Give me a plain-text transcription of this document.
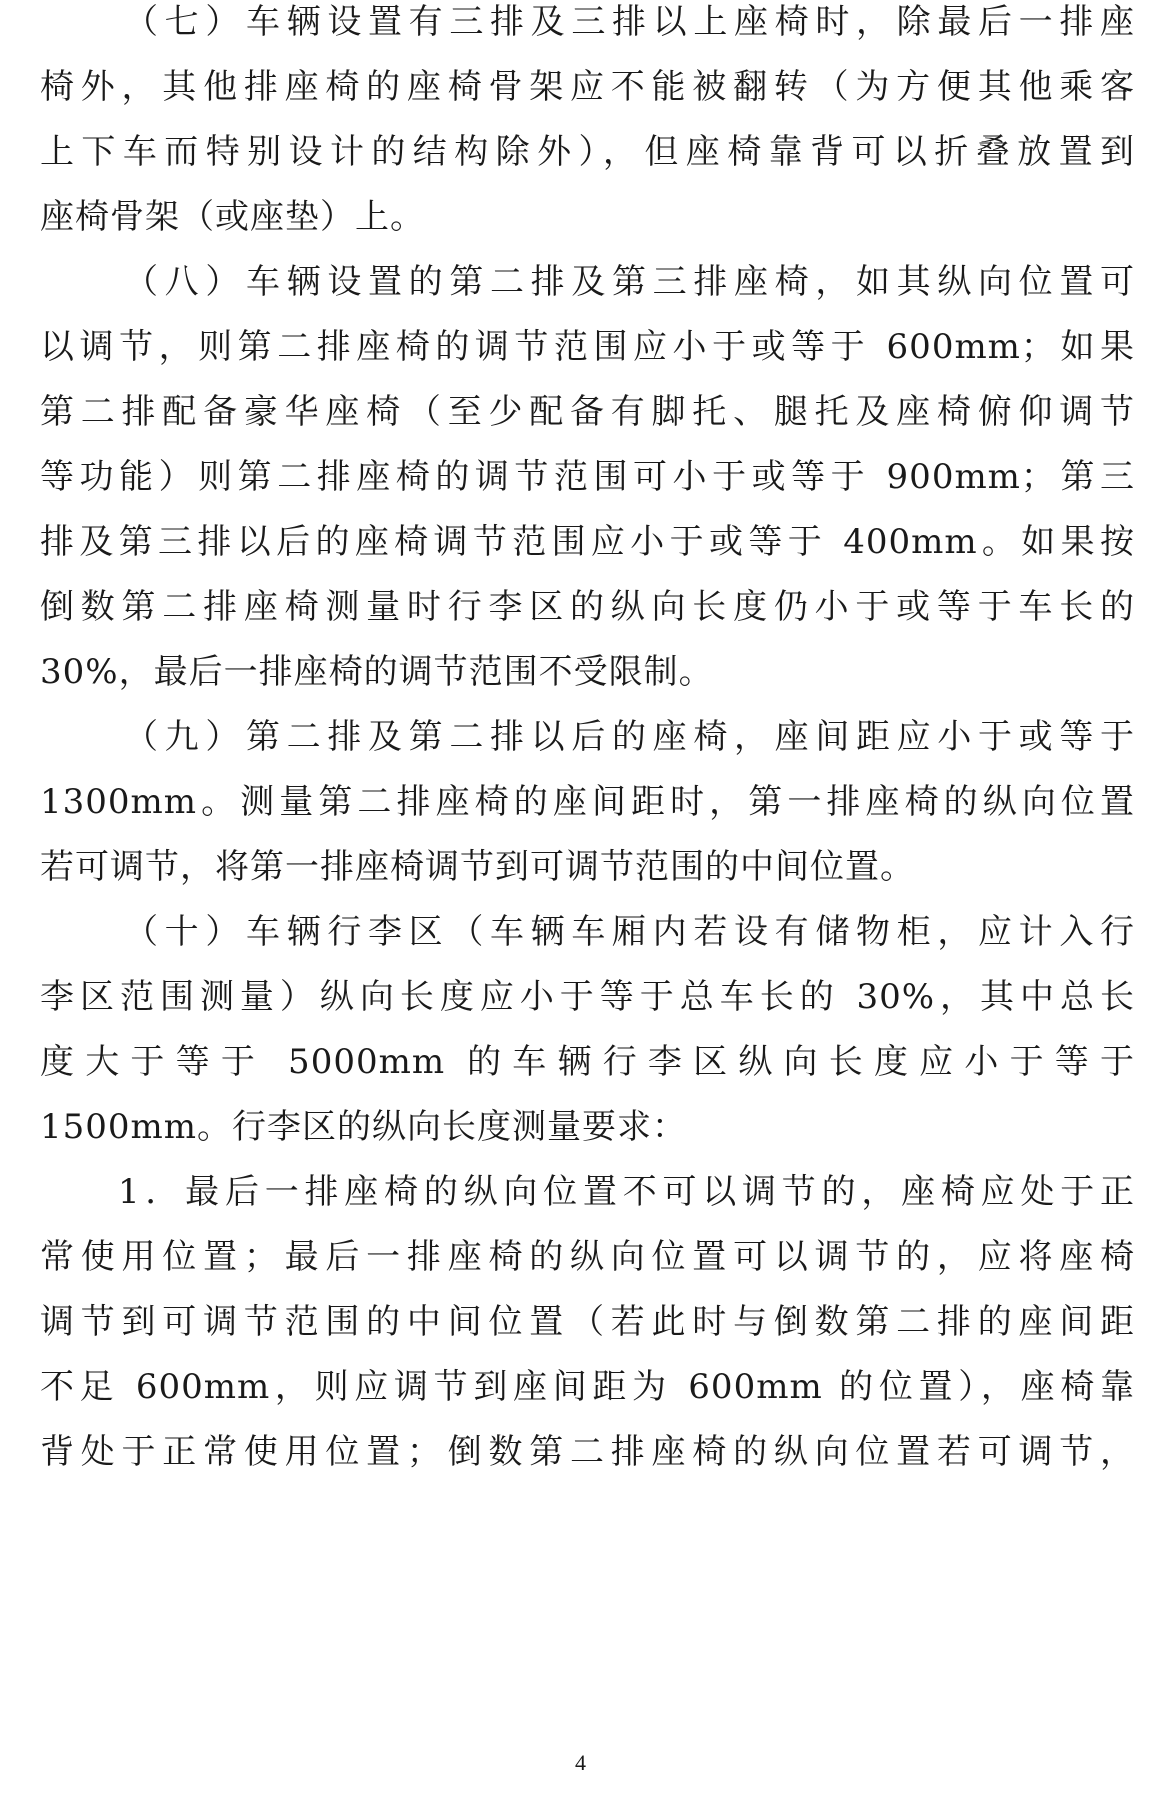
（七）车辆设置有三排及三排以上座椅时，除最后一排座
椅外，其他排座椅的座椅骨架应不能被翻转（为方便其他乘客
上下车而特别设计的结构除外），但座椅靠背可以折叠放置到
座椅骨架（或座垫）上。
（八）车辆设置的第二排及第三排座椅，如其纵向位置可
以调节，则第二排座椅的调节范围应小于或等于 600mm；如果
第二排配备豪华座椅（至少配备有脚托、腿托及座椅俯仰调节
等功能）则第二排座椅的调节范围可小于或等于 900mm；第三
排及第三排以后的座椅调节范围应小于或等于 400mm。如果按
倒数第二排座椅测量时行李区的纵向长度仍小于或等于车长的
30%，最后一排座椅的调节范围不受限制。
（九）第二排及第二排以后的座椅，座间距应小于或等于
1300mm。测量第二排座椅的座间距时，第一排座椅的纵向位置
若可调节，将第一排座椅调节到可调节范围的中间位置。
（十）车辆行李区（车辆车厢内若设有储物柜，应计入行
李区范围测量）纵向长度应小于等于总车长的 30%，其中总长
度大于等于 5000mm 的车辆行李区纵向长度应小于等于
1500mm。行李区的纵向长度测量要求：
1．最后一排座椅的纵向位置不可以调节的，座椅应处于正
常使用位置；最后一排座椅的纵向位置可以调节的，应将座椅
调节到可调节范围的中间位置（若此时与倒数第二排的座间距
不足 600mm，则应调节到座间距为 600mm 的位置），座椅靠
背处于正常使用位置；倒数第二排座椅的纵向位置若可调节，
4
